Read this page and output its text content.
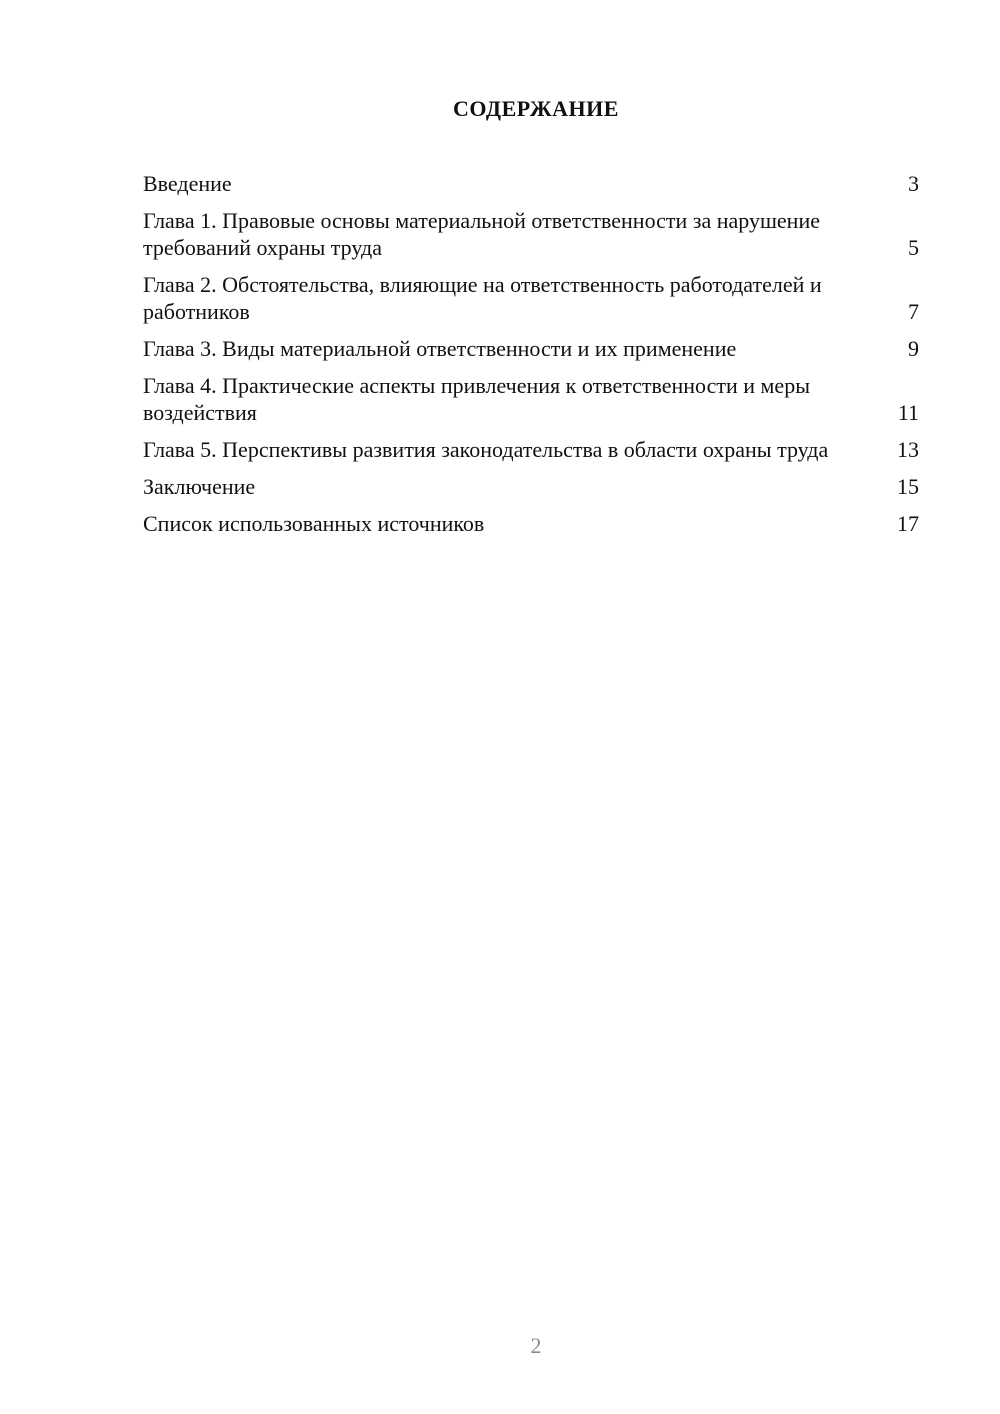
СОДЕРЖАНИЕ
Введение	3
Глава 1. Правовые основы материальной ответственности за нарушение требований охраны труда	5
Глава 2. Обстоятельства, влияющие на ответственность работодателей и работников	7
Глава 3. Виды материальной ответственности и их применение	9
Глава 4. Практические аспекты привлечения к ответственности и меры воздействия	11
Глава 5. Перспективы развития законодательства в области охраны труда	13
Заключение	15
Список использованных источников	17
2
